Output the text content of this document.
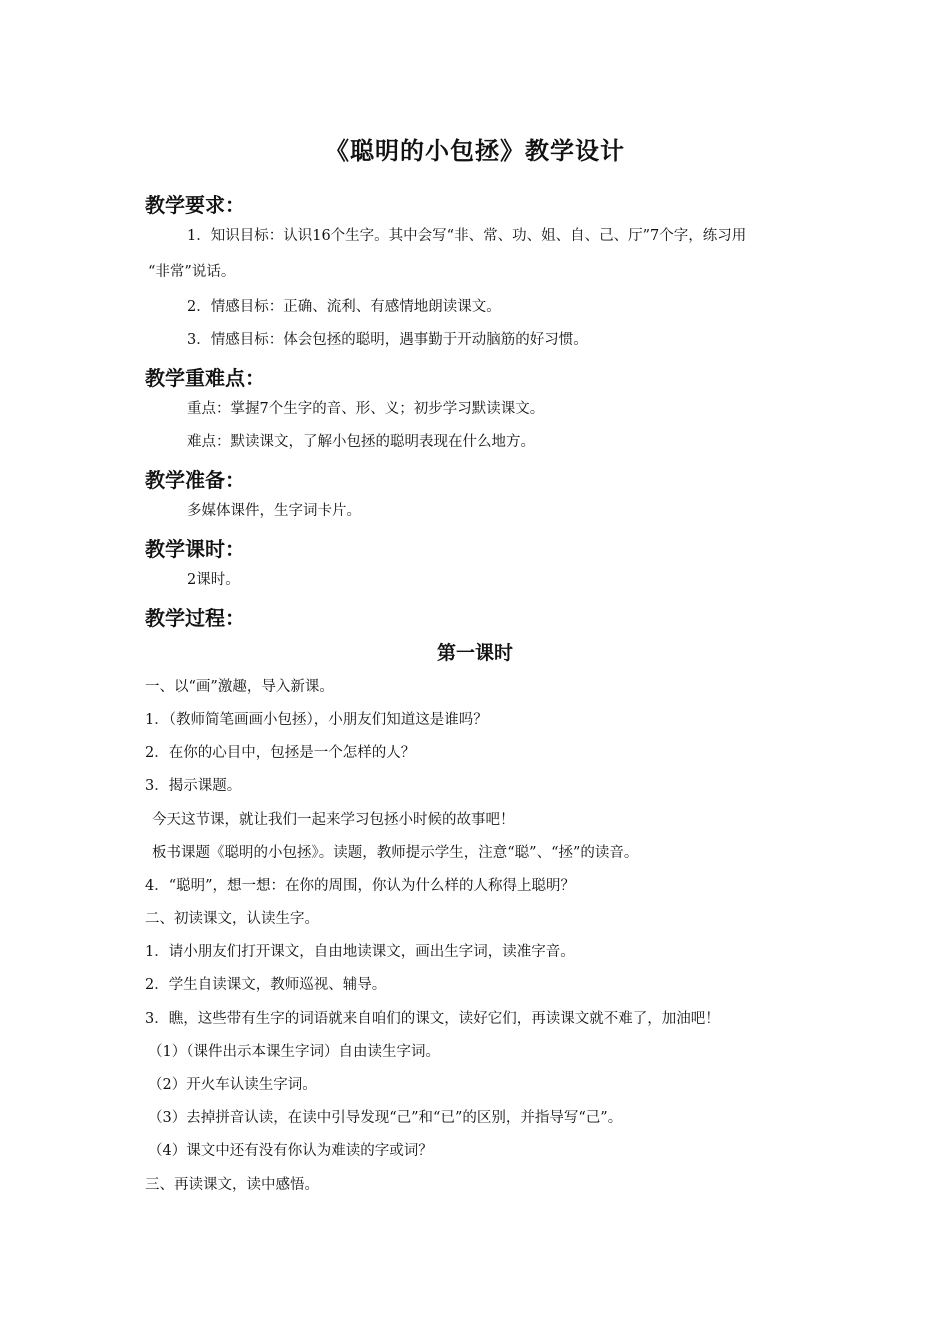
《聪明的小包拯》教学设计
教学要求：
1．知识目标：认识16个生字。其中会写“非、常、功、姐、自、己、厅”7个字，练习用
“非常”说话。
2．情感目标：正确、流利、有感情地朗读课文。
3．情感目标：体会包拯的聪明，遇事勤于开动脑筋的好习惯。
教学重难点：
重点：掌握7个生字的音、形、义；初步学习默读课文。
难点：默读课文，了解小包拯的聪明表现在什么地方。
教学准备：
多媒体课件，生字词卡片。
教学课时：
2课时。
教学过程：
第一课时
一、以“画”激趣，导入新课。
1．（教师简笔画画小包拯），小朋友们知道这是谁吗？
2．在你的心目中，包拯是一个怎样的人？
3．揭示课题。
今天这节课，就让我们一起来学习包拯小时候的故事吧！
板书课题《聪明的小包拯》。读题，教师提示学生，注意“聪”、“拯”的读音。
4．“聪明”，想一想：在你的周围，你认为什么样的人称得上聪明？
二、初读课文，认读生字。
1．请小朋友们打开课文，自由地读课文，画出生字词，读准字音。
2．学生自读课文，教师巡视、辅导。
3．瞧，这些带有生字的词语就来自咱们的课文，读好它们，再读课文就不难了，加油吧！
（1）（课件出示本课生字词）自由读生字词。
（2）开火车认读生字词。
（3）去掉拼音认读，在读中引导发现“己”和“已”的区别，并指导写“己”。
（4）课文中还有没有你认为难读的字或词？
三、再读课文，读中感悟。
